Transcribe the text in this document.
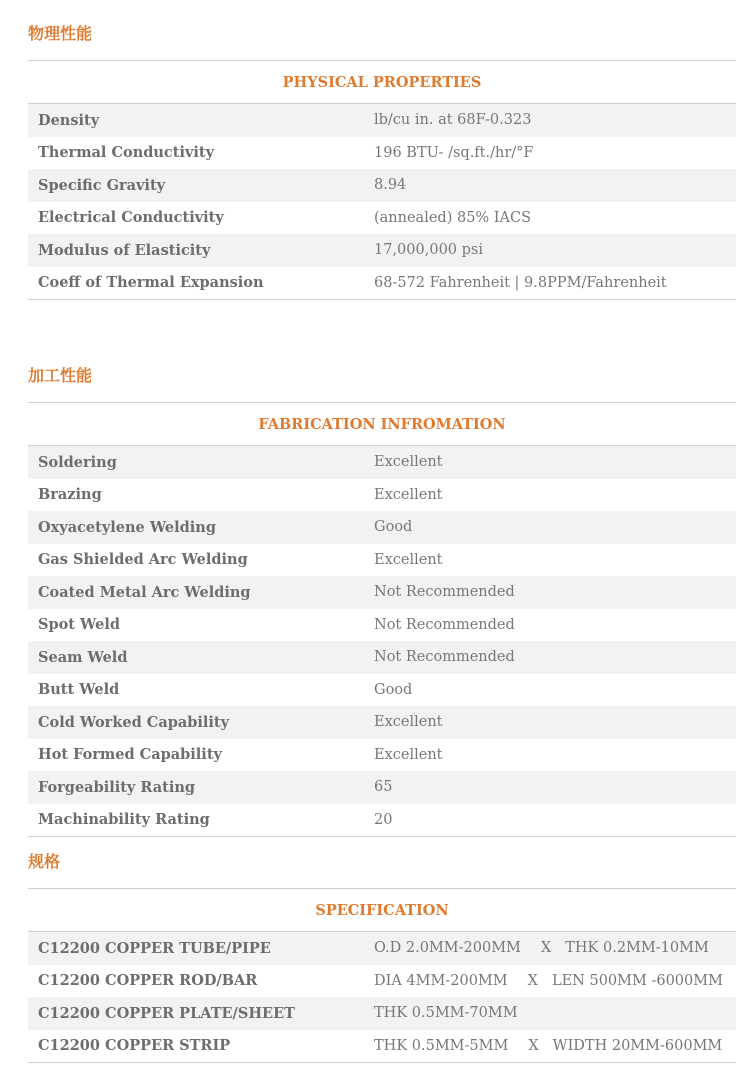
物理性能
PHYSICAL PROPERTIES
Density	lb/cu in. at 68F-0.323
Thermal Conductivity	196 BTU- /sq.ft./hr/°F
Specific Gravity	8.94
Electrical Conductivity	(annealed) 85% IACS
Modulus of Elasticity	17,000,000 psi
Coeff of Thermal Expansion	68-572 Fahrenheit | 9.8PPM/Fahrenheit
加工性能
FABRICATION INFROMATION
Soldering	Excellent
Brazing	Excellent
Oxyacetylene Welding	Good
Gas Shielded Arc Welding	Excellent
Coated Metal Arc Welding	Not Recommended
Spot Weld	Not Recommended
Seam Weld	Not Recommended
Butt Weld	Good
Cold Worked Capability	Excellent
Hot Formed Capability	Excellent
Forgeability Rating	65
Machinability Rating	20
规格
SPECIFICATION
C12200 COPPER TUBE/PIPE	O.D 2.0MM-200MM X THK 0.2MM-10MM
C12200 COPPER ROD/BAR	DIA 4MM-200MM X LEN 500MM -6000MM
C12200 COPPER PLATE/SHEET	THK 0.5MM-70MM
C12200 COPPER STRIP	THK 0.5MM-5MM X WIDTH 20MM-600MM
